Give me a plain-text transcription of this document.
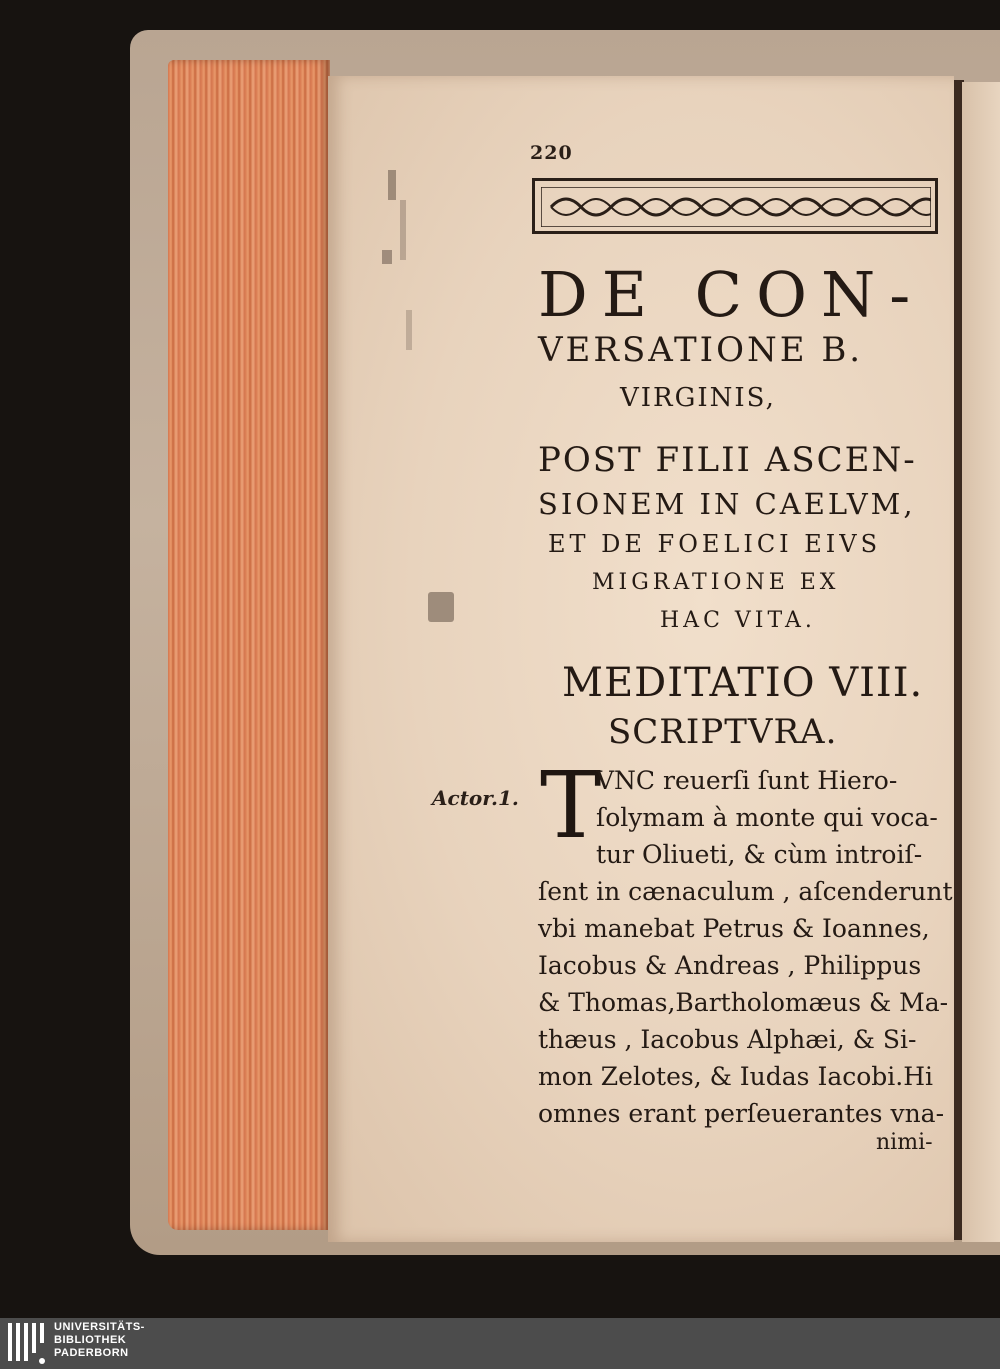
220
DE CON-
VERSATIONE B.
VIRGINIS,
POST FILII ASCEN-
SIONEM IN CAELVM,
ET DE FOELICI EIVS
MIGRATIONE EX
HAC VITA.
MEDITATIO VIII.
SCRIPTVRA.
Actor.1. T
VNC reuerſi ſunt Hiero-
ſolymam à monte qui voca-
tur Oliueti, & cùm introiſ-
ſent in cænaculum , aſcenderunt
vbi manebat Petrus & Ioannes,
Iacobus & Andreas , Philippus
& Thomas,Bartholomæus & Ma-
thæus , Iacobus Alphæi, & Si-
mon Zelotes, & Iudas Iacobi.Hi
omnes erant perſeuerantes vna-
nimi-
UNIVERSITÄTS-
BIBLIOTHEK
PADERBORN
